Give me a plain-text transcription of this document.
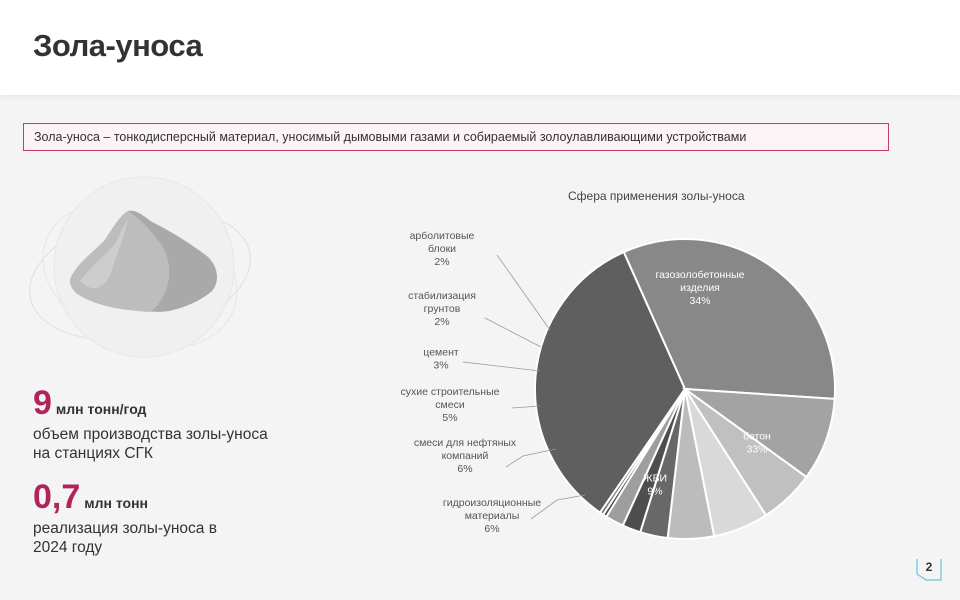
Зола-уноса
Зола-уноса – тонкодисперсный материал, уносимый дымовыми газами и собираемый золоулавливающими устройствами
9 млн тонн/год
объем производства золы-уноса
на станциях СГК
0,7 млн тонн
реализация золы-уноса в
2024 году
Сфера применения золы-уноса
газозолобетонные изделия 34%
бетон 33%
ЖБИ 9%
гидроизоляционные материалы 6%
смеси для нефтяных компаний 6%
сухие строительные смеси 5%
цемент 3%
стабилизация грунтов 2%
арболитовые блоки 2%
2
